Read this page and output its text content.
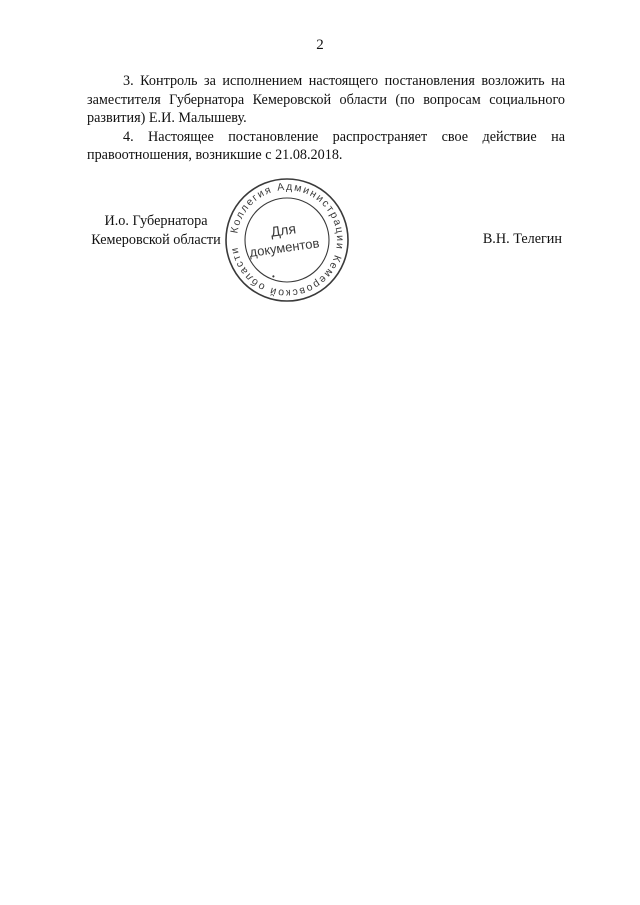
2

3. Контроль за исполнением настоящего постановления возложить на заместителя Губернатора Кемеровской области (по вопросам социального развития) Е.И. Малышеву.

4. Настоящее постановление распространяет свое действие на правоотношения, возникшие с 21.08.2018.

И.о. Губернатора
Кемеровской области
Коллегия Администрации Кемеровской области
Для
документов
•
В.Н. Телегин
